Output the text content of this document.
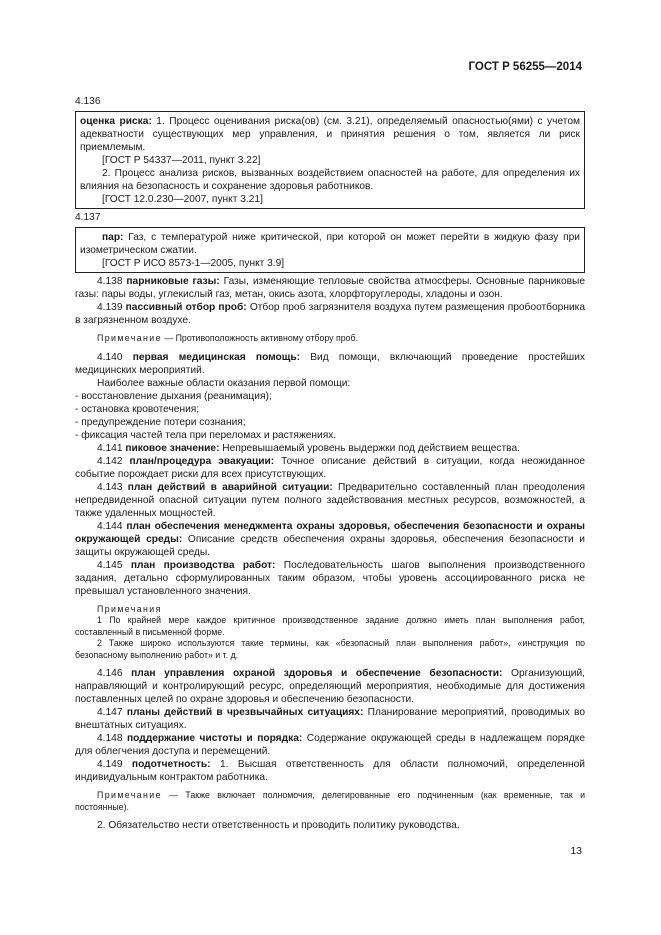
ГОСТ Р 56255—2014

4.136

оценка риска: 1. Процесс оценивания риска(ов) (см. 3.21), определяемый опасностью(ями) с учетом адекватности существующих мер управления, и принятия решения о том, является ли риск приемлемым.

[ГОСТ Р 54337—2011, пункт 3.22]

2. Процесс анализа рисков, вызванных воздействием опасностей на работе, для определения их влияния на безопасность и сохранение здоровья работников.

[ГОСТ 12.0.230—2007, пункт 3.21]

4.137

пар: Газ, с температурой ниже критической, при которой он может перейти в жидкую фазу при изометрическом сжатии.

[ГОСТ Р ИСО 8573-1—2005, пункт 3.9]

4.138 парниковые газы: Газы, изменяющие тепловые свойства атмосферы. Основные парниковые газы: пары воды, углекислый газ, метан, окись азота, хлорфторуглероды, хладоны и озон.

4.139 пассивный отбор проб: Отбор проб загрязнителя воздуха путем размещения пробоотборника в загрязненном воздухе.

Примечание — Противоположность активному отбору проб.

4.140 первая медицинская помощь: Вид помощи, включающий проведение простейших медицинских мероприятий.

Наиболее важные области оказания первой помощи:

- восстановление дыхания (реанимация);

- остановка кровотечения;

- предупреждение потери сознания;

- фиксация частей тела при переломах и растяжениях.

4.141 пиковое значение: Непревышаемый уровень выдержки под действием вещества.

4.142 план/процедура эвакуации: Точное описание действий в ситуации, когда неожиданное событие порождает риски для всех присутствующих.

4.143 план действий в аварийной ситуации: Предварительно составленный план преодоления непредвиденной опасной ситуации путем полного задействования местных ресурсов, возможностей, а также удаленных мощностей.

4.144 план обеспечения менеджмента охраны здоровья, обеспечения безопасности и охраны окружающей среды: Описание средств обеспечения охраны здоровья, обеспечения безопасности и защиты окружающей среды.

4.145 план производства работ: Последовательность шагов выполнения производственного задания, детально сформулированных таким образом, чтобы уровень ассоциированного риска не превышал установленного значения.

Примечания

1 По крайней мере каждое критичное производственное задание должно иметь план выполнения работ, составленный в письменной форме.

2 Также широко используются такие термины, как «безопасный план выполнения работ», «инструкция по безопасному выполнению работ» и т. д.

4.146 план управления охраной здоровья и обеспечение безопасности: Организующий, направляющий и контролирующий ресурс, определяющий мероприятия, необходимые для достижения поставленных целей по охране здоровья и обеспечению безопасности.

4.147 планы действий в чрезвычайных ситуациях: Планирование мероприятий, проводимых во внештатных ситуациях.

4.148 поддержание чистоты и порядка: Содержание окружающей среды в надлежащем порядке для облегчения доступа и перемещений.

4.149 подотчетность: 1. Высшая ответственность для области полномочий, определенной индивидуальным контрактом работника.

Примечание — Также включает полномочия, делегированные его подчиненным (как временные, так и постоянные).

2. Обязательство нести ответственность и проводить политику руководства.

13
